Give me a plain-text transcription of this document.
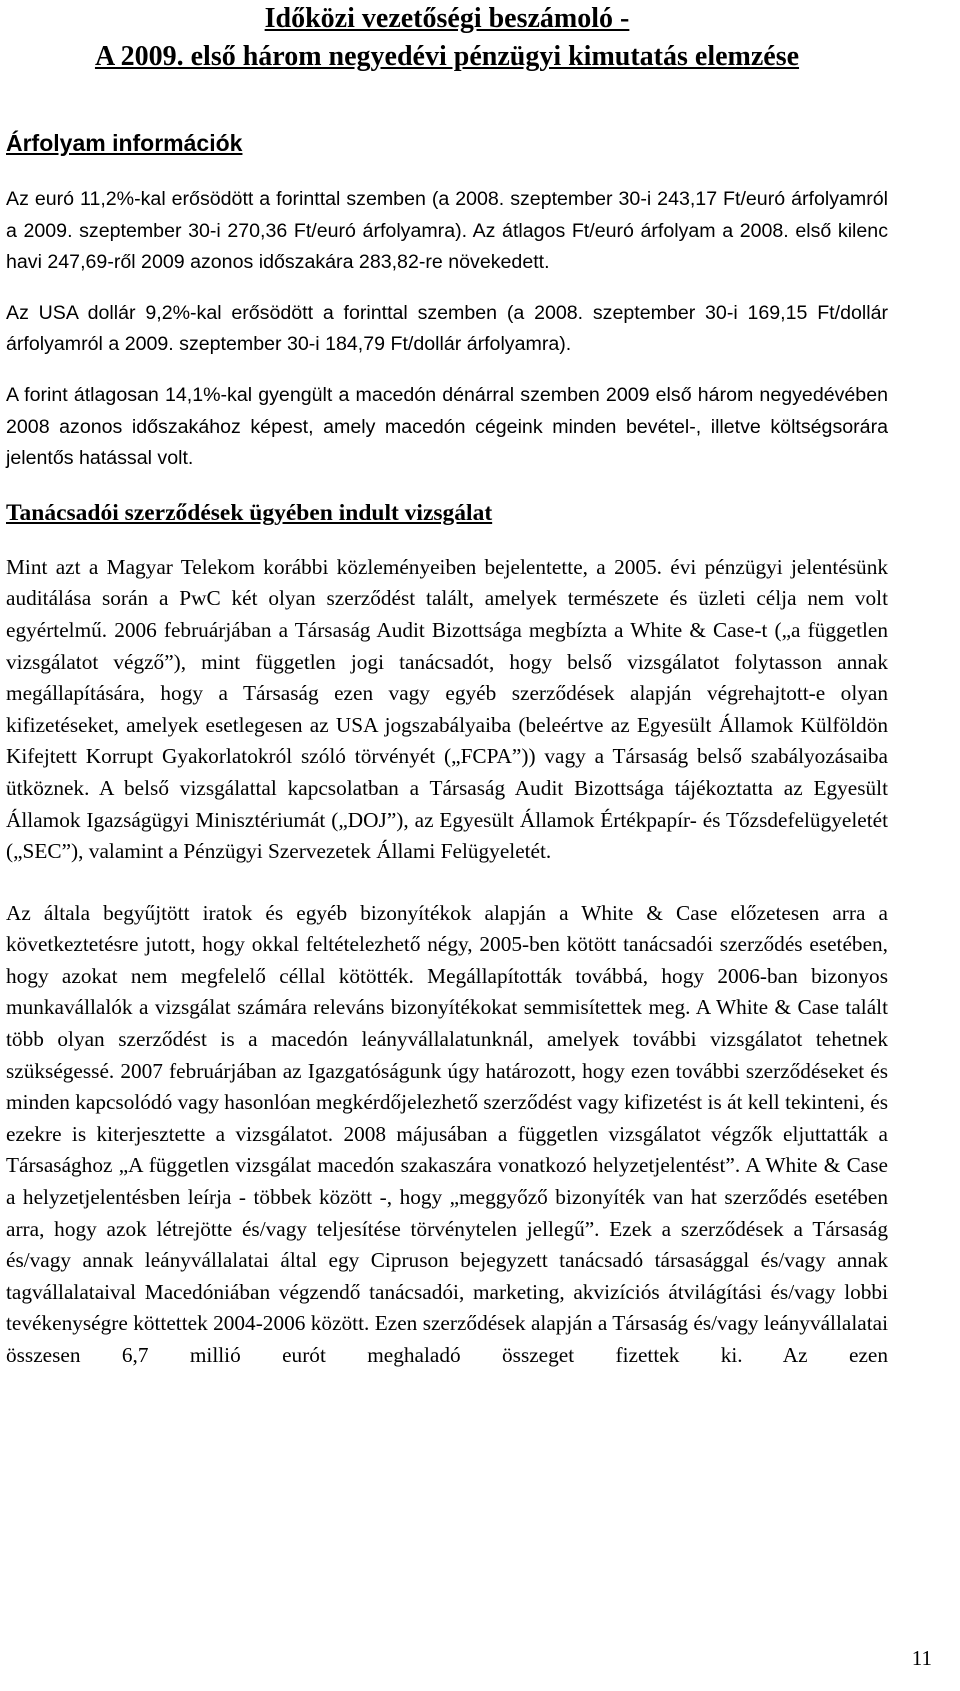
Időközi vezetőségi beszámoló -
A 2009. első három negyedévi pénzügyi kimutatás elemzése
Árfolyam információk

Az euró 11,2%-kal erősödött a forinttal szemben (a 2008. szeptember 30-i 243,17 Ft/euró árfolyamról a 2009. szeptember 30-i 270,36 Ft/euró árfolyamra). Az átlagos Ft/euró árfolyam a 2008. első kilenc havi 247,69-ről 2009 azonos időszakára 283,82-re növekedett.

Az USA dollár 9,2%-kal erősödött a forinttal szemben (a 2008. szeptember 30-i 169,15 Ft/dollár árfolyamról a 2009. szeptember 30-i 184,79 Ft/dollár árfolyamra).

A forint átlagosan 14,1%-kal gyengült a macedón dénárral szemben 2009 első három negyedévében 2008 azonos időszakához képest, amely macedón cégeink minden bevétel-, illetve költségsorára jelentős hatással volt.

Tanácsadói szerződések ügyében indult vizsgálat

Mint azt a Magyar Telekom korábbi közleményeiben bejelentette, a 2005. évi pénzügyi jelentésünk auditálása során a PwC két olyan szerződést talált, amelyek természete és üzleti célja nem volt egyértelmű. 2006 februárjában a Társaság Audit Bizottsága megbízta a White & Case-t („a független vizsgálatot végző”), mint független jogi tanácsadót, hogy belső vizsgálatot folytasson annak megállapítására, hogy a Társaság ezen vagy egyéb szerződések alapján végrehajtott-e olyan kifizetéseket, amelyek esetlegesen az USA jogszabályaiba (beleértve az Egyesült Államok Külföldön Kifejtett Korrupt Gyakorlatokról szóló törvényét („FCPA”)) vagy a Társaság belső szabályozásaiba ütköznek. A belső vizsgálattal kapcsolatban a Társaság Audit Bizottsága tájékoztatta az Egyesült Államok Igazságügyi Minisztériumát („DOJ”), az Egyesült Államok Értékpapír- és Tőzsdefelügyeletét („SEC”), valamint a Pénzügyi Szervezetek Állami Felügyeletét.

Az általa begyűjtött iratok és egyéb bizonyítékok alapján a White & Case előzetesen arra a következtetésre jutott, hogy okkal feltételezhető négy, 2005-ben kötött tanácsadói szerződés esetében, hogy azokat nem megfelelő céllal kötötték. Megállapították továbbá, hogy 2006-ban bizonyos munkavállalók a vizsgálat számára releváns bizonyítékokat semmisítettek meg. A White & Case talált több olyan szerződést is a macedón leányvállalatunknál, amelyek további vizsgálatot tehetnek szükségessé. 2007 februárjában az Igazgatóságunk úgy határozott, hogy ezen további szerződéseket és minden kapcsolódó vagy hasonlóan megkérdőjelezhető szerződést vagy kifizetést is át kell tekinteni, és ezekre is kiterjesztette a vizsgálatot. 2008 májusában a független vizsgálatot végzők eljuttatták a Társasághoz „A független vizsgálat macedón szakaszára vonatkozó helyzetjelentést”. A White & Case a helyzetjelentésben leírja - többek között -, hogy „meggyőző bizonyíték van hat szerződés esetében arra, hogy azok létrejötte és/vagy teljesítése törvénytelen jellegű”. Ezek a szerződések a Társaság és/vagy annak leányvállalatai által egy Cipruson bejegyzett tanácsadó társasággal és/vagy annak tagvállalataival Macedóniában végzendő tanácsadói, marketing, akvizíciós átvilágítási és/vagy lobbi tevékenységre köttettek 2004-2006 között. Ezen szerződések alapján a Társaság és/vagy leányvállalatai összesen 6,7 millió eurót meghaladó összeget fizettek ki. Az ezen

11
